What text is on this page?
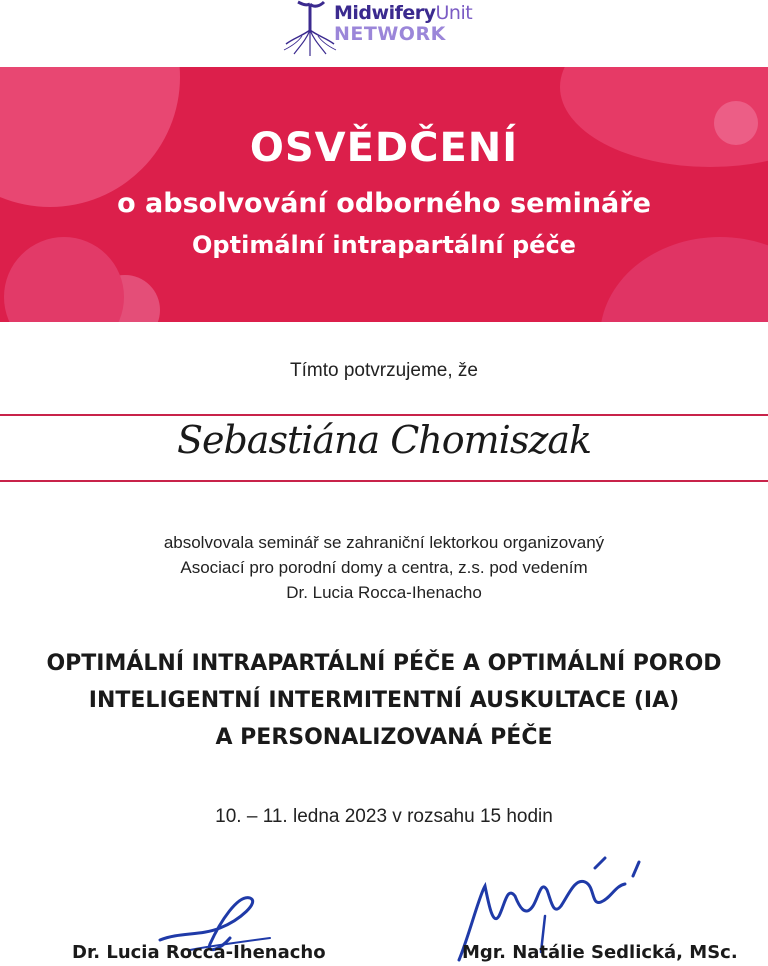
MidwiferyUnit
NETWORK
OSVĚDČENÍ
o absolvování odborného semináře
Optimální intrapartální péče
Tímto potvrzujeme, že
Sebastiána Chomiszak
absolvovala seminář se zahraniční lektorkou organizovaný
Asociací pro porodní domy a centra, z.s. pod vedením
Dr. Lucia Rocca-Ihenacho
OPTIMÁLNÍ INTRAPARTÁLNÍ PÉČE A OPTIMÁLNÍ POROD
INTELIGENTNÍ INTERMITENTNÍ AUSKULTACE (IA)
A PERSONALIZOVANÁ PÉČE
10. – 11. ledna 2023 v rozsahu 15 hodin
Dr. Lucia Rocca-Ihenacho	Mgr. Natálie Sedlická, MSc.
